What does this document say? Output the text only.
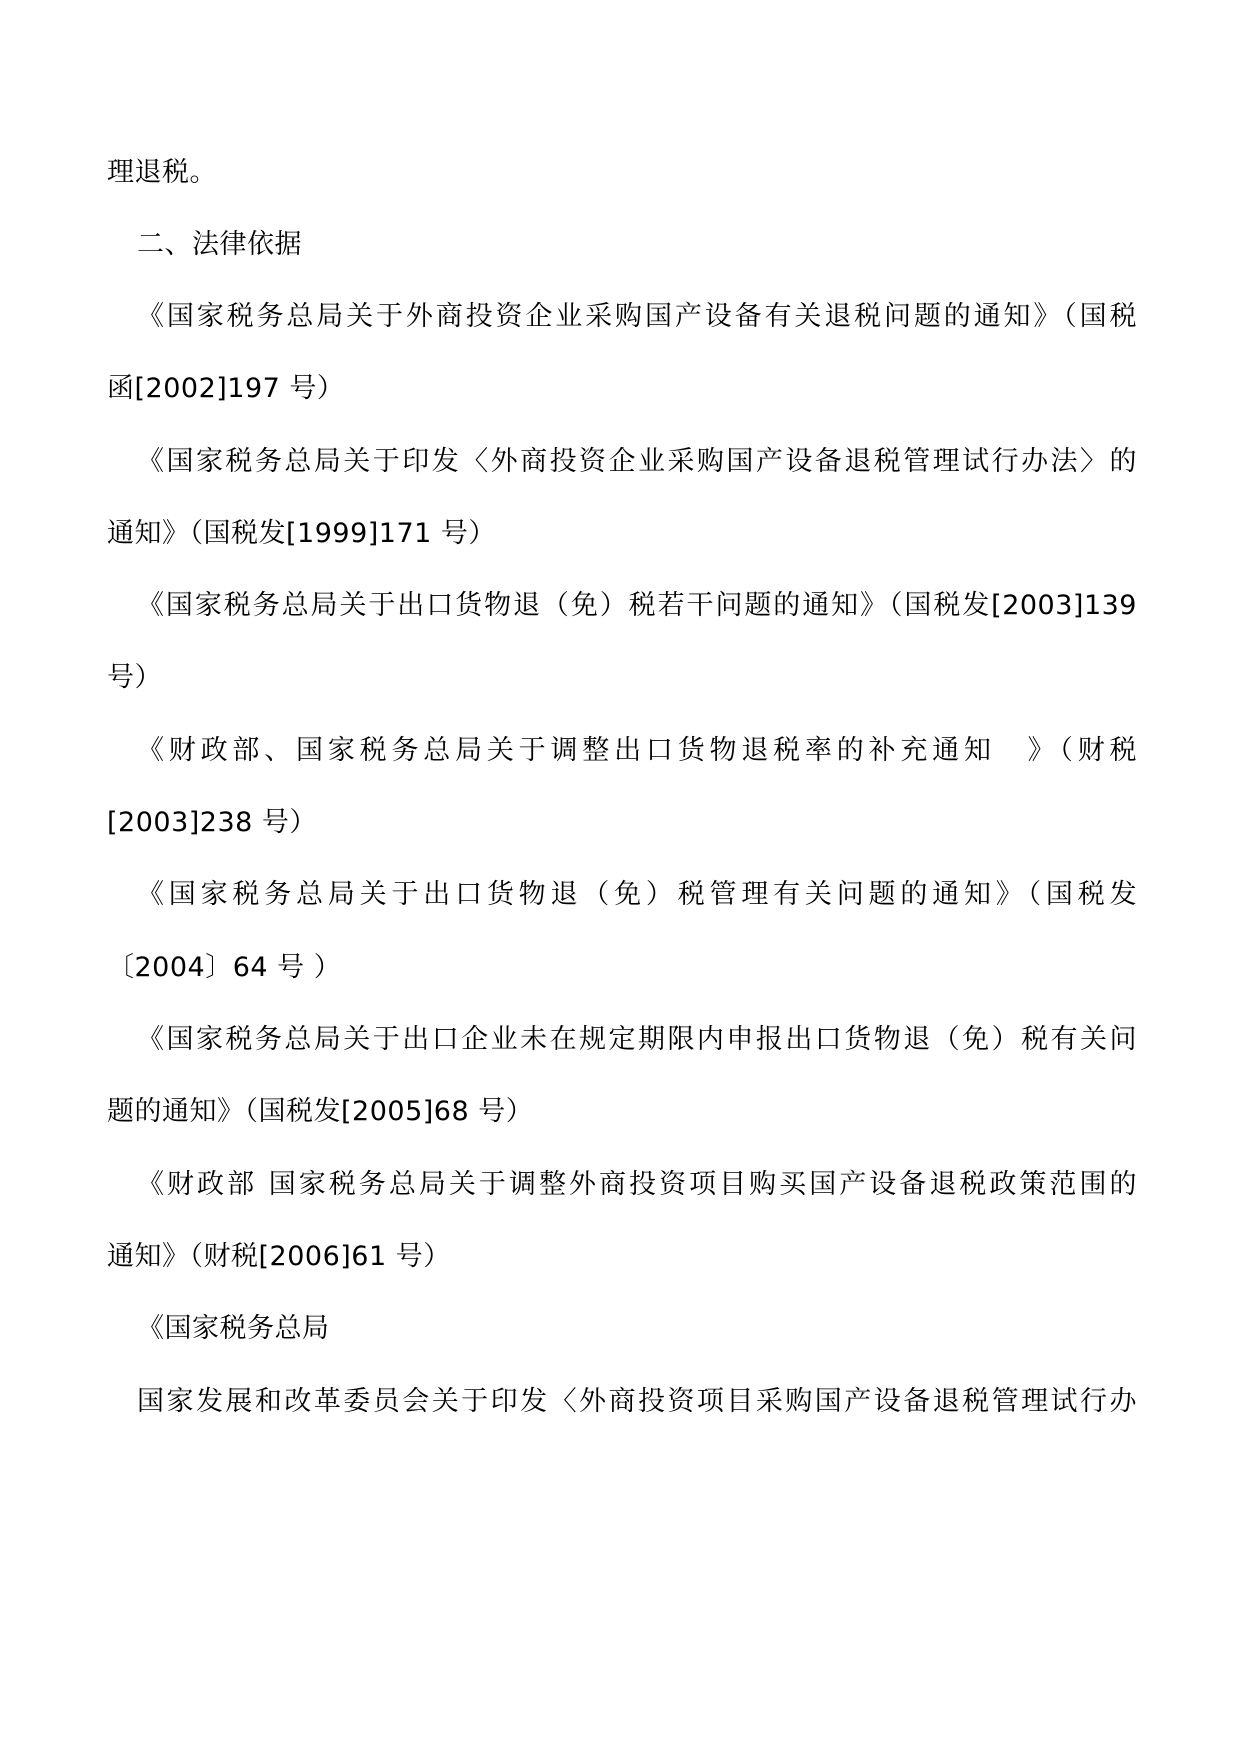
理退税。
二、法律依据
《国家税务总局关于外商投资企业采购国产设备有关退税问题的通知》（国税
函[2002]197 号）
《国家税务总局关于印发〈外商投资企业采购国产设备退税管理试行办法〉的
通知》（国税发[1999]171 号）
《国家税务总局关于出口货物退（免）税若干问题的通知》（国税发[2003]139
号）
《财政部、国家税务总局关于调整出口货物退税率的补充通知　》（财税
[2003]238 号）
《国家税务总局关于出口货物退（免）税管理有关问题的通知》（国税发
〔2004〕64 号 ）
《国家税务总局关于出口企业未在规定期限内申报出口货物退（免）税有关问
题的通知》（国税发[2005]68 号）
《财政部 国家税务总局关于调整外商投资项目购买国产设备退税政策范围的
通知》（财税[2006]61 号）
《国家税务总局
国家发展和改革委员会关于印发〈外商投资项目采购国产设备退税管理试行办
